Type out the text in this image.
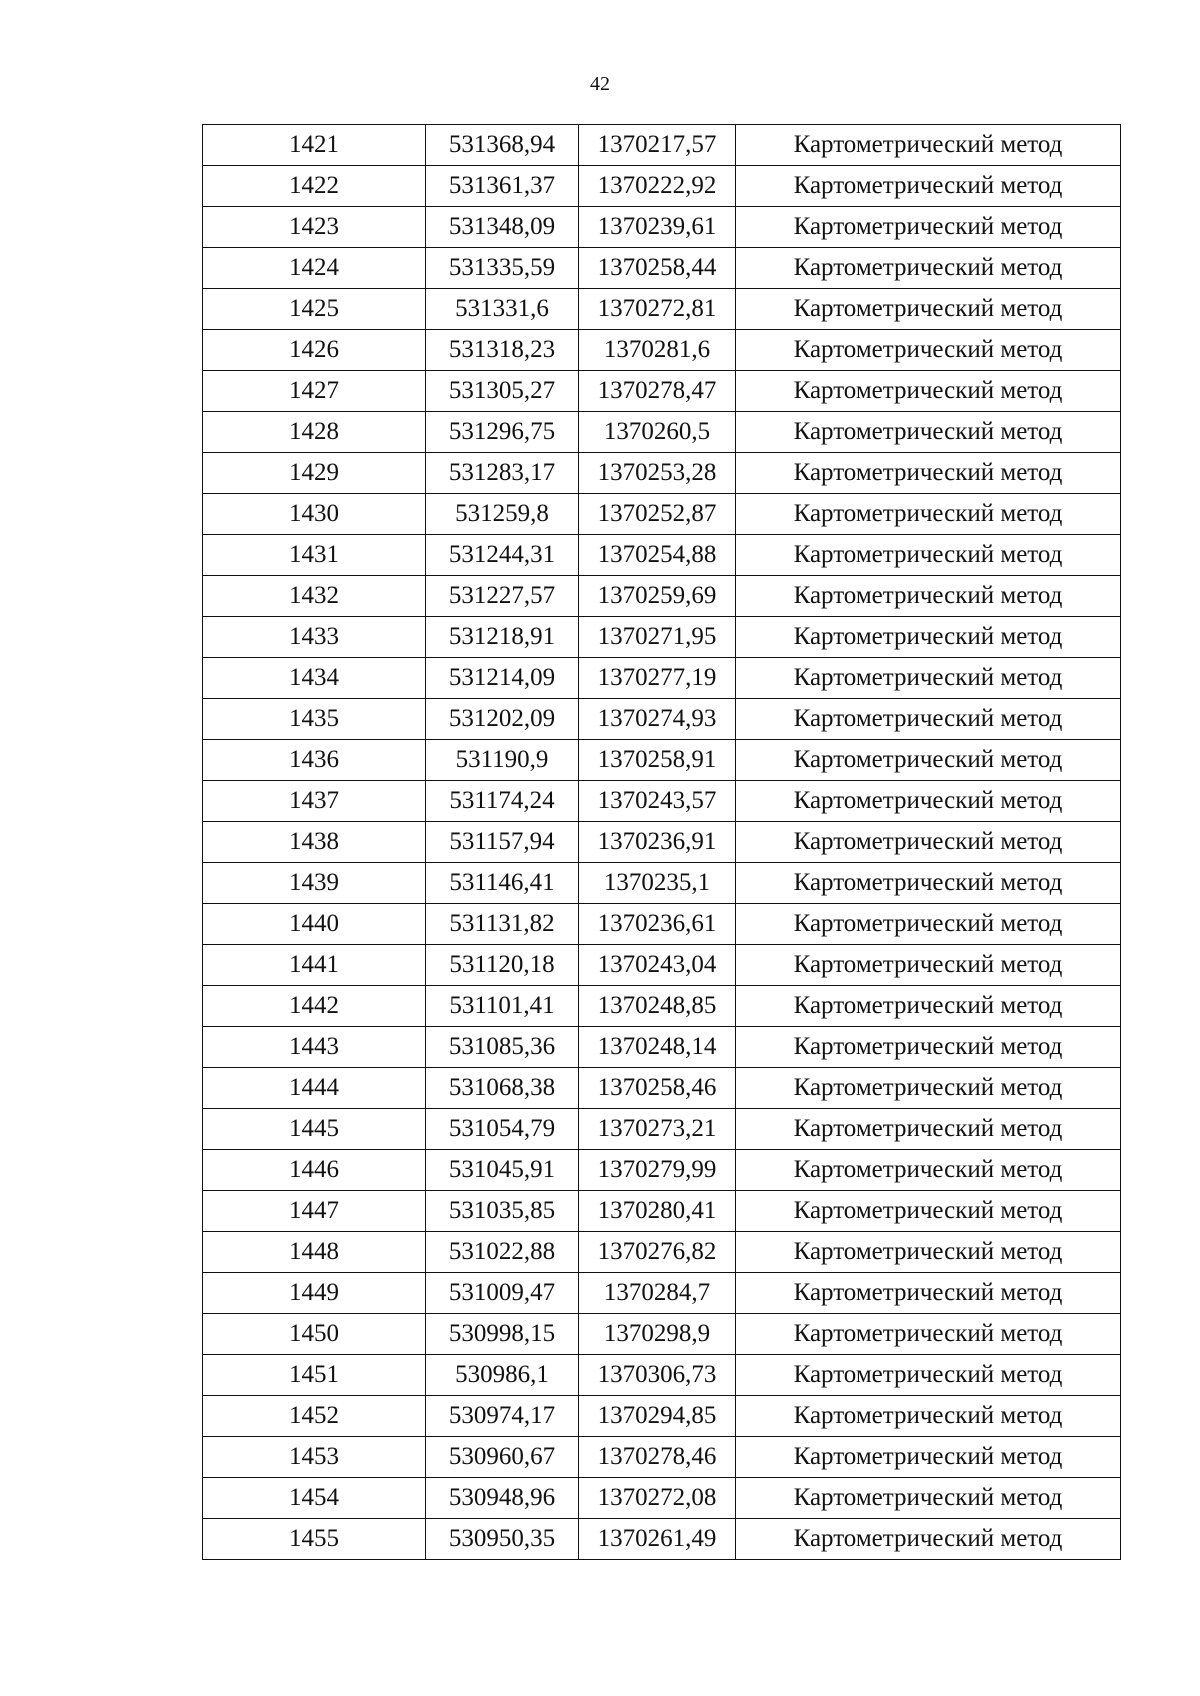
42
1421	531368,94	1370217,57	Картометрический метод
1422	531361,37	1370222,92	Картометрический метод
1423	531348,09	1370239,61	Картометрический метод
1424	531335,59	1370258,44	Картометрический метод
1425	531331,6	1370272,81	Картометрический метод
1426	531318,23	1370281,6	Картометрический метод
1427	531305,27	1370278,47	Картометрический метод
1428	531296,75	1370260,5	Картометрический метод
1429	531283,17	1370253,28	Картометрический метод
1430	531259,8	1370252,87	Картометрический метод
1431	531244,31	1370254,88	Картометрический метод
1432	531227,57	1370259,69	Картометрический метод
1433	531218,91	1370271,95	Картометрический метод
1434	531214,09	1370277,19	Картометрический метод
1435	531202,09	1370274,93	Картометрический метод
1436	531190,9	1370258,91	Картометрический метод
1437	531174,24	1370243,57	Картометрический метод
1438	531157,94	1370236,91	Картометрический метод
1439	531146,41	1370235,1	Картометрический метод
1440	531131,82	1370236,61	Картометрический метод
1441	531120,18	1370243,04	Картометрический метод
1442	531101,41	1370248,85	Картометрический метод
1443	531085,36	1370248,14	Картометрический метод
1444	531068,38	1370258,46	Картометрический метод
1445	531054,79	1370273,21	Картометрический метод
1446	531045,91	1370279,99	Картометрический метод
1447	531035,85	1370280,41	Картометрический метод
1448	531022,88	1370276,82	Картометрический метод
1449	531009,47	1370284,7	Картометрический метод
1450	530998,15	1370298,9	Картометрический метод
1451	530986,1	1370306,73	Картометрический метод
1452	530974,17	1370294,85	Картометрический метод
1453	530960,67	1370278,46	Картометрический метод
1454	530948,96	1370272,08	Картометрический метод
1455	530950,35	1370261,49	Картометрический метод
